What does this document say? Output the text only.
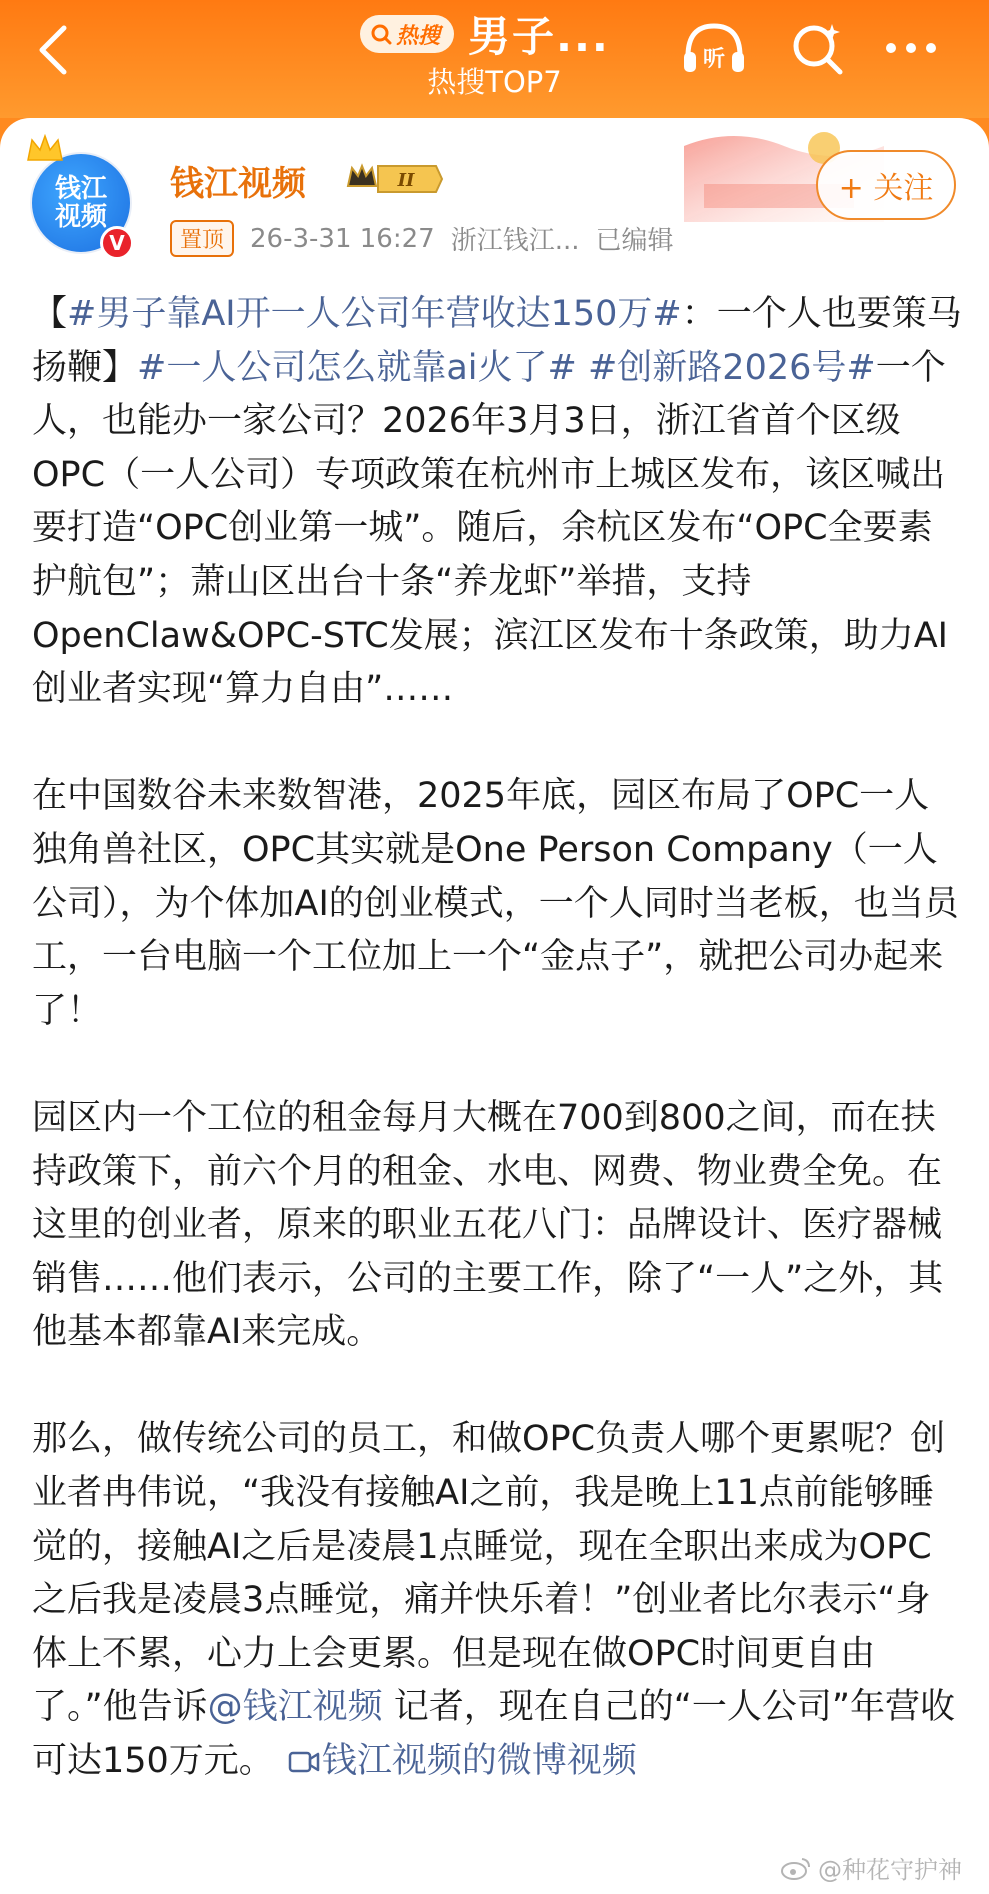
热搜 男子...
热搜TOP7
听
钱江
视频
V
钱江视频	II
置顶	26-3-31 16:27 浙江钱江... 已编辑
+ 关注

【#男子靠AI开一人公司年营收达150万#：一个人也要策马扬鞭】#一人公司怎么就靠ai火了# #创新路2026号#一个人，也能办一家公司？2026年3月3日，浙江省首个区级OPC（一人公司）专项政策在杭州市上城区发布，该区喊出要打造“OPC创业第一城”。随后，余杭区发布“OPC全要素护航包”；萧山区出台十条“养龙虾”举措，支持OpenClaw&OPC-STC发展；滨江区发布十条政策，助力AI创业者实现“算力自由”……

在中国数谷未来数智港，2025年底，园区布局了OPC一人独角兽社区，OPC其实就是One Person Company（一人公司），为个体加AI的创业模式，一个人同时当老板，也当员工，一台电脑一个工位加上一个“金点子”，就把公司办起来了！

园区内一个工位的租金每月大概在700到800之间，而在扶持政策下，前六个月的租金、水电、网费、物业费全免。在这里的创业者，原来的职业五花八门：品牌设计、医疗器械销售……他们表示，公司的主要工作，除了“一人”之外，其他基本都靠AI来完成。

那么，做传统公司的员工，和做OPC负责人哪个更累呢？创业者冉伟说，“我没有接触AI之前，我是晚上11点前能够睡觉的，接触AI之后是凌晨1点睡觉，现在全职出来成为OPC之后我是凌晨3点睡觉，痛并快乐着！”创业者比尔表示“身体上不累，心力上会更累。但是现在做OPC时间更自由了。”他告诉@钱江视频 记者，现在自己的“一人公司”年营收可达150万元。 钱江视频的微博视频

@种花守护神
